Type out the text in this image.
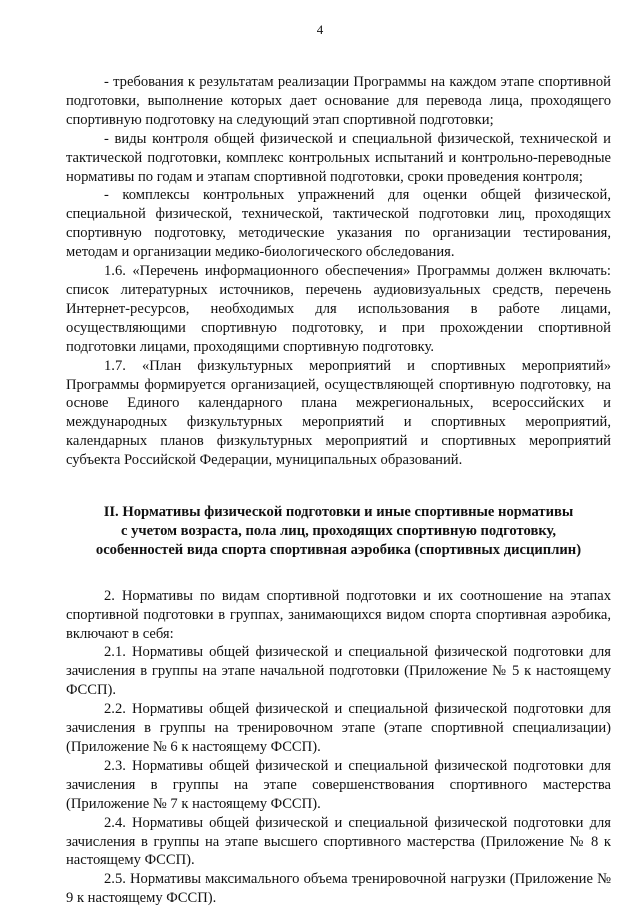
4

- требования к результатам реализации Программы на каждом этапе спортивной подготовки, выполнение которых дает основание для перевода лица, проходящего спортивную подготовку на следующий этап спортивной подготовки;

- виды контроля общей физической и специальной физической, технической и тактической подготовки, комплекс контрольных испытаний и контрольно-переводные нормативы по годам и этапам спортивной подготовки, сроки проведения контроля;

- комплексы контрольных упражнений для оценки общей физической, специальной физической, технической, тактической подготовки лиц, проходящих спортивную подготовку, методические указания по организации тестирования, методам и организации медико-биологического обследования.

1.6. «Перечень информационного обеспечения» Программы должен включать: список литературных источников, перечень аудиовизуальных средств, перечень Интернет-ресурсов, необходимых для использования в работе лицами, осуществляющими спортивную подготовку, и при прохождении спортивной подготовки лицами, проходящими спортивную подготовку.

1.7. «План физкультурных мероприятий и спортивных мероприятий» Программы формируется организацией, осуществляющей спортивную подготовку, на основе Единого календарного плана межрегиональных, всероссийских и международных физкультурных мероприятий и спортивных мероприятий, календарных планов физкультурных мероприятий и спортивных мероприятий субъекта Российской Федерации, муниципальных образований.

II. Нормативы физической подготовки и иные спортивные нормативы
с учетом возраста, пола лиц, проходящих спортивную подготовку,
особенностей вида спорта спортивная аэробика (спортивных дисциплин)

2. Нормативы по видам спортивной подготовки и их соотношение на этапах спортивной подготовки в группах, занимающихся видом спорта спортивная аэробика, включают в себя:

2.1. Нормативы общей физической и специальной физической подготовки для зачисления в группы на этапе начальной подготовки (Приложение № 5 к настоящему ФССП).

2.2. Нормативы общей физической и специальной физической подготовки для зачисления в группы на тренировочном этапе (этапе спортивной специализации) (Приложение № 6 к настоящему ФССП).

2.3. Нормативы общей физической и специальной физической подготовки для зачисления в группы на этапе совершенствования спортивного мастерства (Приложение № 7 к настоящему ФССП).

2.4. Нормативы общей физической и специальной физической подготовки для зачисления в группы на этапе высшего спортивного мастерства (Приложение № 8 к настоящему ФССП).

2.5. Нормативы максимального объема тренировочной нагрузки (Приложение № 9 к настоящему ФССП).
